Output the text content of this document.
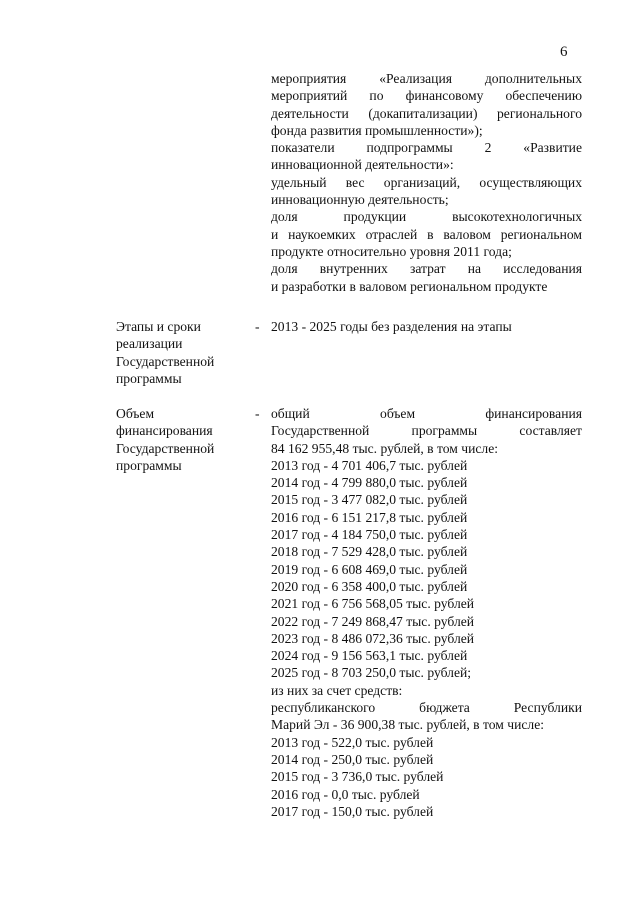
6
мероприятия «Реализация дополнительных
мероприятий по финансовому обеспечению
деятельности (докапитализации) регионального
фонда развития промышленности»);
показатели подпрограммы 2 «Развитие
инновационной деятельности»:
удельный вес организаций, осуществляющих
инновационную деятельность;
доля продукции высокотехнологичных
и наукоемких отраслей в валовом региональном
продукте относительно уровня 2011 года;
доля внутренних затрат на исследования
и разработки в валовом региональном продукте
Этапы и сроки
реализации
Государственной
программы
- 2013 - 2025 годы без разделения на этапы
Объем
финансирования
Государственной
программы
- общий объем финансирования
Государственной программы составляет
84 162 955,48 тыс. рублей, в том числе:
2013 год - 4 701 406,7 тыс. рублей
2014 год - 4 799 880,0 тыс. рублей
2015 год - 3 477 082,0 тыс. рублей
2016 год - 6 151 217,8 тыс. рублей
2017 год - 4 184 750,0 тыс. рублей
2018 год - 7 529 428,0 тыс. рублей
2019 год - 6 608 469,0 тыс. рублей
2020 год - 6 358 400,0 тыс. рублей
2021 год - 6 756 568,05 тыс. рублей
2022 год - 7 249 868,47 тыс. рублей
2023 год - 8 486 072,36 тыс. рублей
2024 год - 9 156 563,1 тыс. рублей
2025 год - 8 703 250,0 тыс. рублей;
из них за счет средств:
республиканского бюджета Республики
Марий Эл - 36 900,38 тыс. рублей, в том числе:
2013 год - 522,0 тыс. рублей
2014 год - 250,0 тыс. рублей
2015 год - 3 736,0 тыс. рублей
2016 год - 0,0 тыс. рублей
2017 год - 150,0 тыс. рублей
